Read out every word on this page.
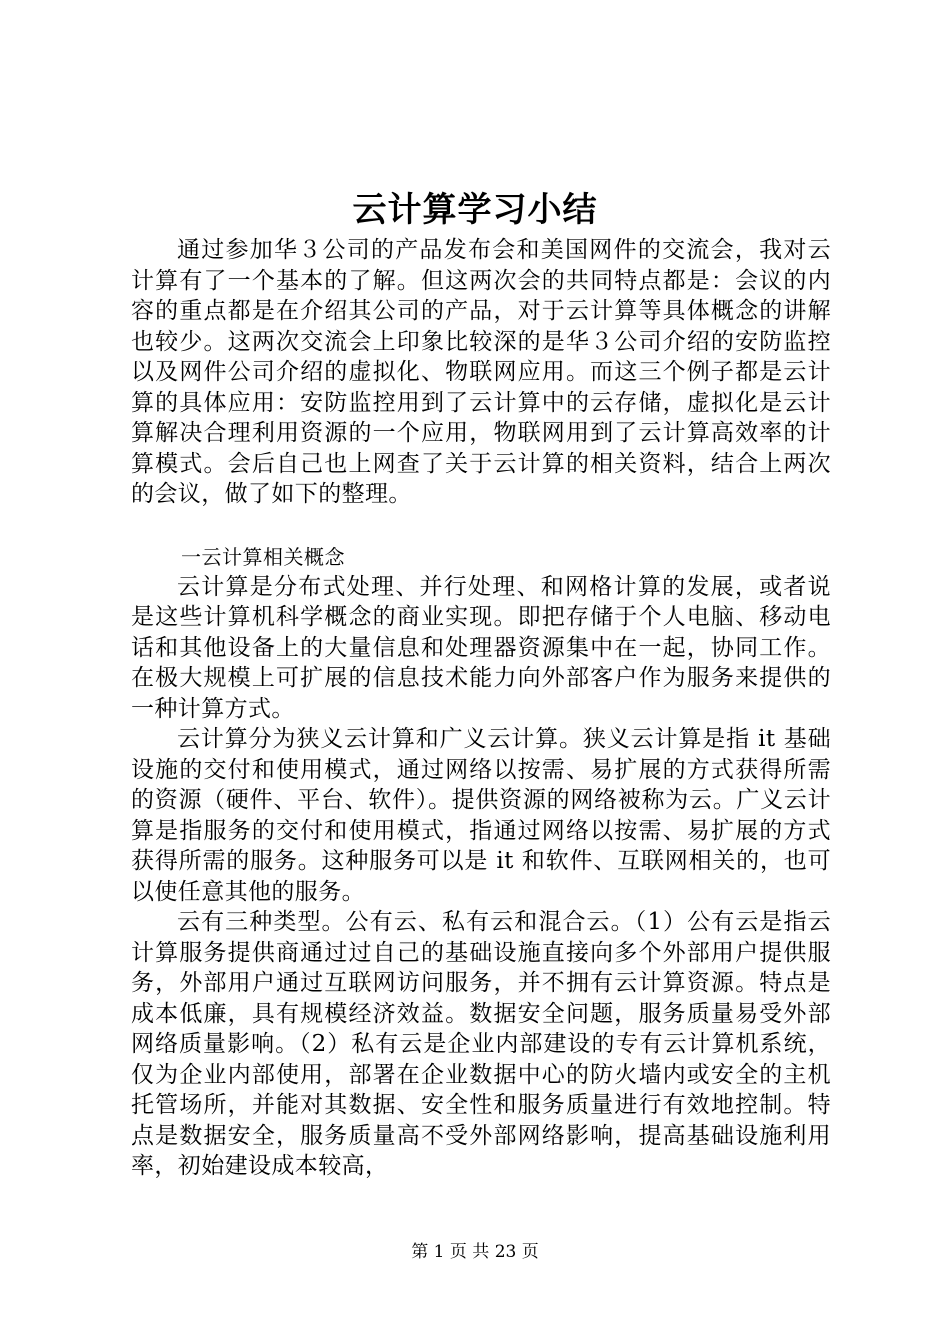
云计算学习小结

通过参加华３公司的产品发布会和美国网件的交流会，我对云计算有了一个基本的了解。但这两次会的共同特点都是：会议的内容的重点都是在介绍其公司的产品，对于云计算等具体概念的讲解也较少。这两次交流会上印象比较深的是华３公司介绍的安防监控以及网件公司介绍的虚拟化、物联网应用。而这三个例子都是云计算的具体应用：安防监控用到了云计算中的云存储，虚拟化是云计算解决合理利用资源的一个应用，物联网用到了云计算高效率的计算模式。会后自己也上网查了关于云计算的相关资料，结合上两次的会议，做了如下的整理。

一云计算相关概念

云计算是分布式处理、并行处理、和网格计算的发展，或者说是这些计算机科学概念的商业实现。即把存储于个人电脑、移动电话和其他设备上的大量信息和处理器资源集中在一起，协同工作。在极大规模上可扩展的信息技术能力向外部客户作为服务来提供的一种计算方式。

云计算分为狭义云计算和广义云计算。狭义云计算是指 it 基础设施的交付和使用模式，通过网络以按需、易扩展的方式获得所需的资源（硬件、平台、软件）。提供资源的网络被称为云。广义云计算是指服务的交付和使用模式，指通过网络以按需、易扩展的方式获得所需的服务。这种服务可以是 it 和软件、互联网相关的，也可以使任意其他的服务。

云有三种类型。公有云、私有云和混合云。（1）公有云是指云计算服务提供商通过过自己的基础设施直接向多个外部用户提供服务，外部用户通过互联网访问服务，并不拥有云计算资源。特点是成本低廉，具有规模经济效益。数据安全问题，服务质量易受外部网络质量影响。（2）私有云是企业内部建设的专有云计算机系统，仅为企业内部使用，部署在企业数据中心的防火墙内或安全的主机托管场所，并能对其数据、安全性和服务质量进行有效地控制。特点是数据安全，服务质量高不受外部网络影响，提高基础设施利用率，初始建设成本较高，

第 1 页 共 23 页
